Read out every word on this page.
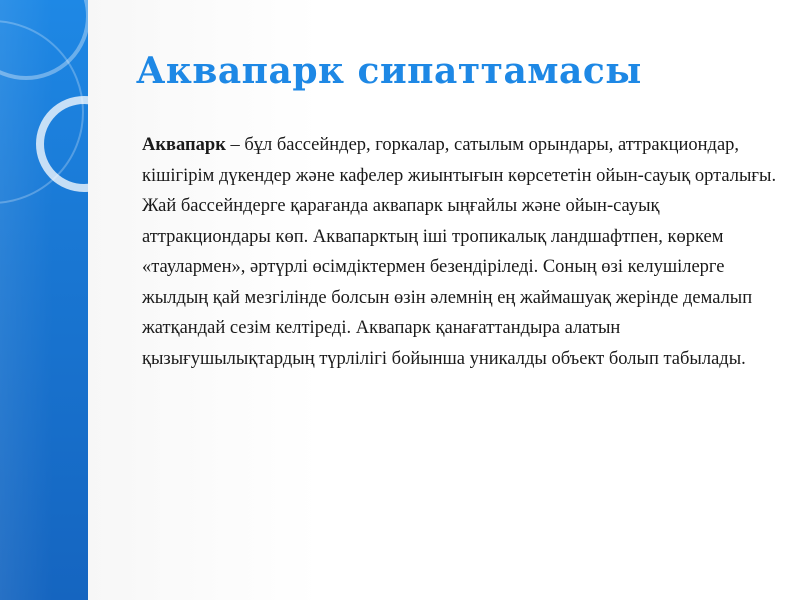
Аквапарк сипаттамасы

Аквапарк – бұл бассейндер, горкалар, сатылым орындары, аттракциондар, кішігірім дүкендер және кафелер жиынтығын көрсететін ойын-сауық орталығы. Жай бассейндерге қарағанда аквапарк ыңғайлы және ойын-сауық аттракциондары көп. Аквапарктың іші тропикалық ландшафтпен, көркем «таулармен», әртүрлі өсімдіктермен безендіріледі. Соның өзі келушілерге жылдың қай мезгілінде болсын өзін әлемнің ең жаймашуақ жерінде демалып жатқандай сезім келтіреді. Аквапарк қанағаттандыра алатын қызығушылықтардың түрлілігі бойынша уникалды объект болып табылады.
